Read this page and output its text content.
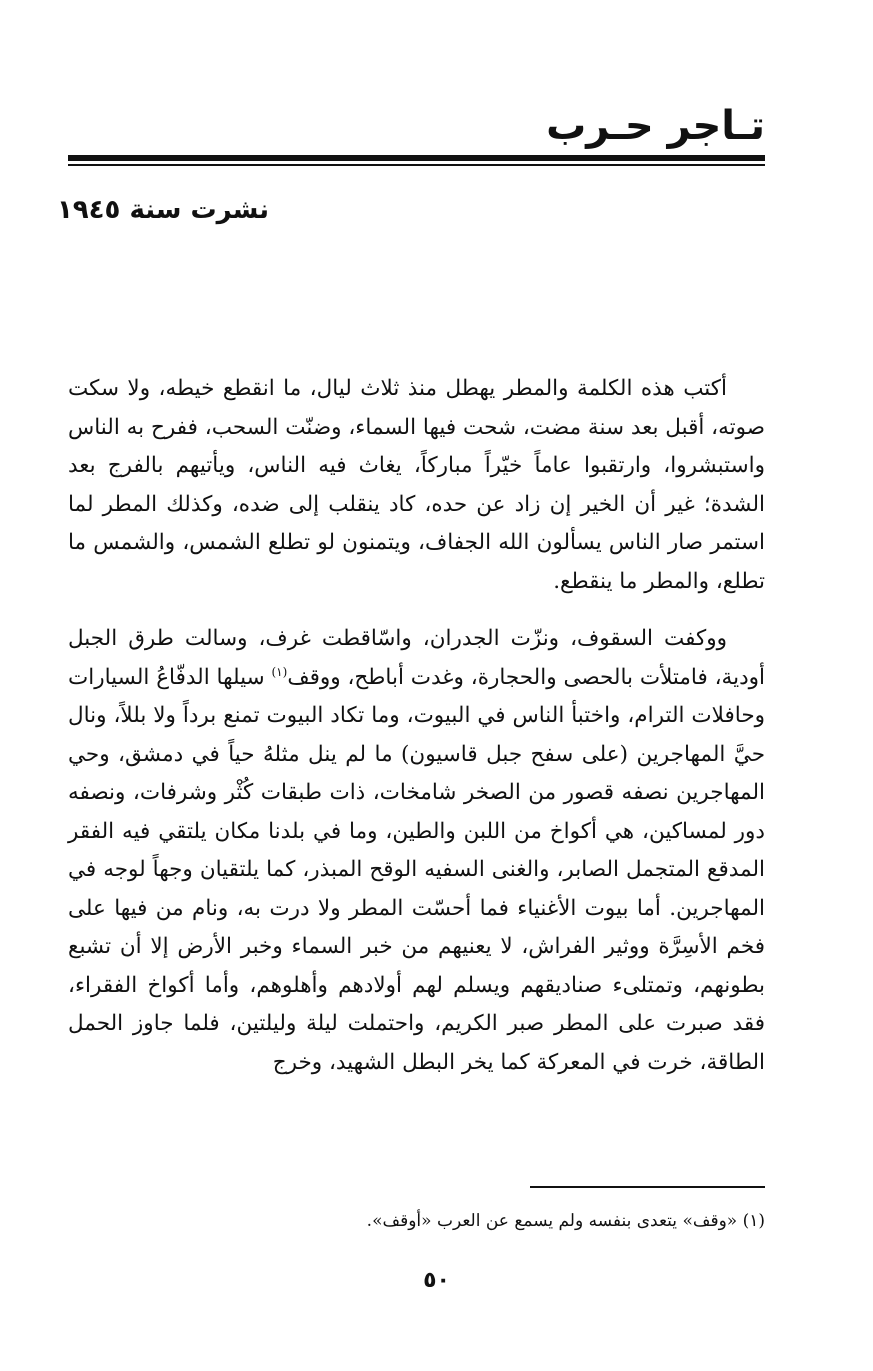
تـاجر حـرب

نشرت سنة ١٩٤٥

أكتب هذه الكلمة والمطر يهطل منذ ثلاث ليال، ما انقطع خيطه، ولا سكت صوته، أقبل بعد سنة مضت، شحت فيها السماء، وضنّت السحب، ففرح به الناس واستبشروا، وارتقبوا عاماً خيّراً مباركاً، يغاث فيه الناس، ويأتيهم بالفرج بعد الشدة؛ غير أن الخير إن زاد عن حده، كاد ينقلب إلى ضده، وكذلك المطر لما استمر صار الناس يسألون الله الجفاف، ويتمنون لو تطلع الشمس، والشمس ما تطلع، والمطر ما ينقطع.

ووكفت السقوف، ونزّت الجدران، واسّاقطت غرف، وسالت طرق الجبل أودية، فامتلأت بالحصى والحجارة، وغدت أباطح، ووقف$^{(١)}$ سيلها الدفّاعُ السيارات وحافلات الترام، واختبأ الناس في البيوت، وما تكاد البيوت تمنع برداً ولا بللاً، ونال حيَّ المهاجرين (على سفح جبل قاسيون) ما لم ينل مثلهُ حياً في دمشق، وحي المهاجرين نصفه قصور من الصخر شامخات، ذات طبقات كُثْر وشرفات، ونصفه دور لمساكين، هي أكواخ من اللبن والطين، وما في بلدنا مكان يلتقي فيه الفقر المدقع المتجمل الصابر، والغنى السفيه الوقح المبذر، كما يلتقيان وجهاً لوجه في المهاجرين. أما بيوت الأغنياء فما أحسّت المطر ولا درت به، ونام من فيها على فخم الأسِرَّة ووثير الفراش، لا يعنيهم من خبر السماء وخبر الأرض إلا أن تشبع بطونهم، وتمتلىء صناديقهم ويسلم لهم أولادهم وأهلوهم، وأما أكواخ الفقراء، فقد صبرت على المطر صبر الكريم، واحتملت ليلة وليلتين، فلما جاوز الحمل الطاقة، خرت في المعركة كما يخر البطل الشهيد، وخرج

(١) «وقف» يتعدى بنفسه ولم يسمع عن العرب «أوقف».

٥٠
